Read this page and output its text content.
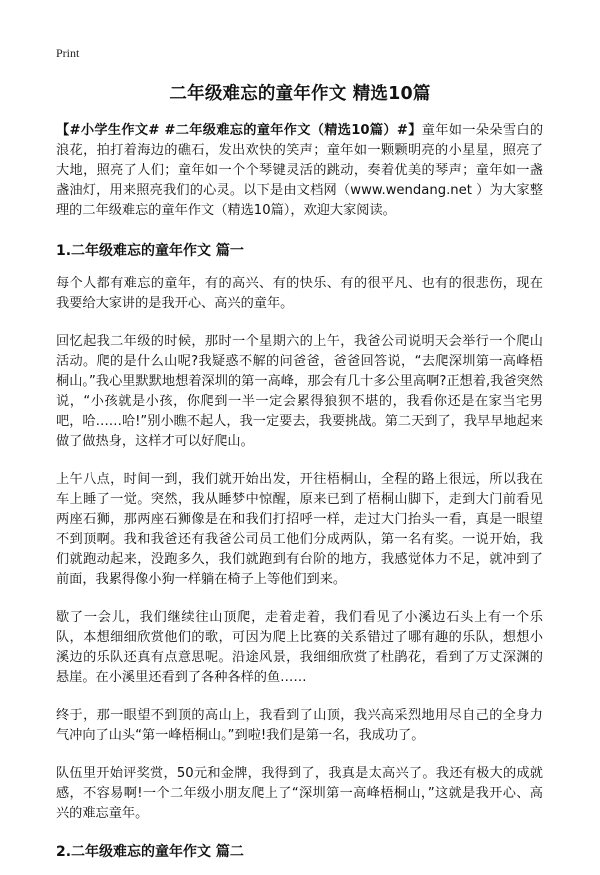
Print
二年级难忘的童年作文 精选10篇

【#小学生作文# #二年级难忘的童年作文（精选10篇）#】童年如一朵朵雪白的浪花，拍打着海边的礁石，发出欢快的笑声；童年如一颗颗明亮的小星星，照亮了大地，照亮了人们；童年如一个个琴键灵活的跳动，奏着优美的琴声；童年如一盏盏油灯，用来照亮我们的心灵。以下是由文档网（www.wendang.net ）为大家整理的二年级难忘的童年作文（精选10篇），欢迎大家阅读。

1.二年级难忘的童年作文 篇一

每个人都有难忘的童年，有的高兴、有的快乐、有的很平凡、也有的很悲伤，现在我要给大家讲的是我开心、高兴的童年。

回忆起我二年级的时候，那时一个星期六的上午，我爸公司说明天会举行一个爬山活动。爬的是什么山呢?我疑惑不解的问爸爸，爸爸回答说，“去爬深圳第一高峰梧桐山。”我心里默默地想着深圳的第一高峰，那会有几十多公里高啊?正想着,我爸突然说，“小孩就是小孩，你爬到一半一定会累得狼狈不堪的，我看你还是在家当宅男吧，哈……哈!”别小瞧不起人，我一定要去，我要挑战。第二天到了，我早早地起来做了做热身，这样才可以好爬山。

上午八点，时间一到，我们就开始出发，开往梧桐山，全程的路上很远，所以我在车上睡了一觉。突然，我从睡梦中惊醒，原来已到了梧桐山脚下，走到大门前看见两座石狮，那两座石狮像是在和我们打招呼一样，走过大门抬头一看，真是一眼望不到顶啊。我和我爸还有我爸公司员工他们分成两队，第一名有奖。一说开始，我们就跑动起来，没跑多久，我们就跑到有台阶的地方，我感觉体力不足，就冲到了前面，我累得像小狗一样躺在椅子上等他们到来。

歇了一会儿，我们继续往山顶爬，走着走着，我们看见了小溪边石头上有一个乐队，本想细细欣赏他们的歌，可因为爬上比赛的关系错过了哪有趣的乐队，想想小溪边的乐队还真有点意思呢。沿途风景，我细细欣赏了杜鹃花，看到了万丈深渊的悬崖。在小溪里还看到了各种各样的鱼……

终于，那一眼望不到顶的高山上，我看到了山顶，我兴高采烈地用尽自己的全身力气冲向了山头“第一峰梧桐山。”到啦!我们是第一名，我成功了。

队伍里开始评奖赏，50元和金牌，我得到了，我真是太高兴了。我还有极大的成就感，不容易啊!一个二年级小朋友爬上了“深圳第一高峰梧桐山，”这就是我开心、高兴的难忘童年。

2.二年级难忘的童年作文 篇二
